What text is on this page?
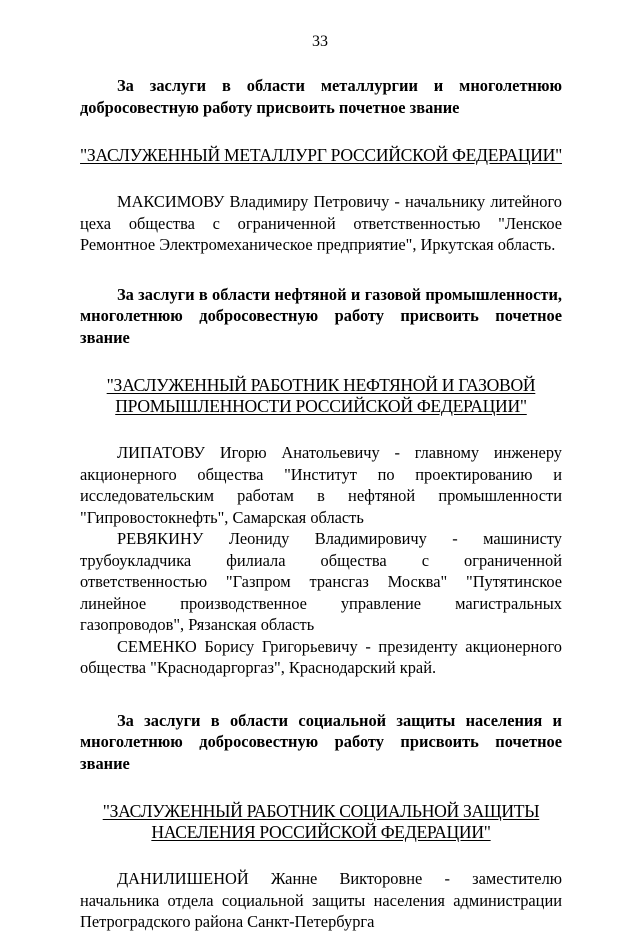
33

За заслуги в области металлургии и многолетнюю добросовестную работу присвоить почетное звание

"ЗАСЛУЖЕННЫЙ МЕТАЛЛУРГ РОССИЙСКОЙ ФЕДЕРАЦИИ"

МАКСИМОВУ Владимиру Петровичу - начальнику литейного цеха общества с ограниченной ответственностью "Ленское Ремонтное Электромеханическое предприятие", Иркутская область.

За заслуги в области нефтяной и газовой промышленности, многолетнюю добросовестную работу присвоить почетное звание

"ЗАСЛУЖЕННЫЙ РАБОТНИК НЕФТЯНОЙ И ГАЗОВОЙ
ПРОМЫШЛЕННОСТИ РОССИЙСКОЙ ФЕДЕРАЦИИ"

ЛИПАТОВУ Игорю Анатольевичу - главному инженеру акционерного общества "Институт по проектированию и исследовательским работам в нефтяной промышленности "Гипровостокнефть", Самарская область

РЕВЯКИНУ Леониду Владимировичу - машинисту трубоукладчика филиала общества с ограниченной ответственностью "Газпром трансгаз Москва" "Путятинское линейное производственное управление магистральных газопроводов", Рязанская область

СЕМЕНКО Борису Григорьевичу - президенту акционерного общества "Краснодаргоргаз", Краснодарский край.

За заслуги в области социальной защиты населения и многолетнюю добросовестную работу присвоить почетное звание

"ЗАСЛУЖЕННЫЙ РАБОТНИК СОЦИАЛЬНОЙ ЗАЩИТЫ
НАСЕЛЕНИЯ РОССИЙСКОЙ ФЕДЕРАЦИИ"

ДАНИЛИШЕНОЙ Жанне Викторовне - заместителю начальника отдела социальной защиты населения администрации Петроградского района Санкт-Петербурга
